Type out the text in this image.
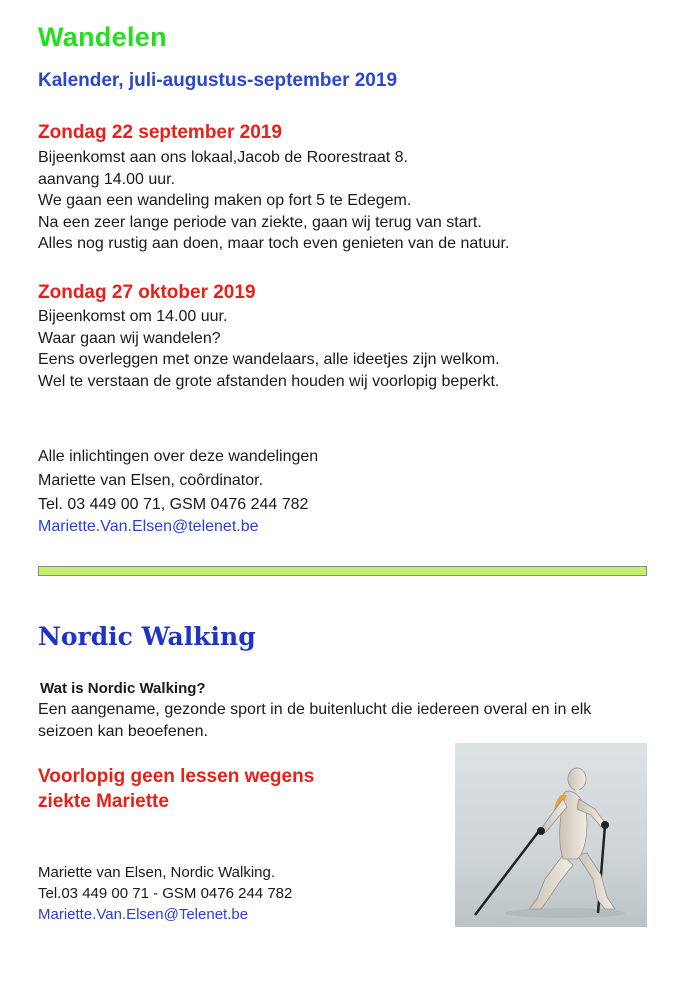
Wandelen
Kalender, juli-augustus-september 2019
Zondag 22 september 2019
Bijeenkomst aan ons lokaal,Jacob de Roorestraat 8.
aanvang 14.00 uur.
We gaan een wandeling maken op fort 5 te Edegem.
Na een zeer lange periode van ziekte, gaan wij terug van start.
Alles nog rustig aan doen, maar toch even genieten van de natuur.
Zondag 27 oktober 2019
Bijeenkomst om 14.00 uur.
Waar gaan wij wandelen?
Eens overleggen met onze wandelaars, alle ideetjes zijn welkom.
Wel te verstaan de grote afstanden houden wij voorlopig beperkt.
Alle inlichtingen over deze wandelingen
Mariette van Elsen, coôrdinator.
Tel. 03 449 00 71, GSM 0476 244 782
Mariette.Van.Elsen@telenet.be
Nordic Walking
Wat is Nordic Walking?
Een aangename, gezonde sport in de buitenlucht die iedereen overal en in elk
seizoen kan beoefenen.
Voorlopig geen lessen wegens
ziekte Mariette
Mariette van Elsen, Nordic Walking.
Tel.03 449 00 71 - GSM 0476 244 782
Mariette.Van.Elsen@Telenet.be
